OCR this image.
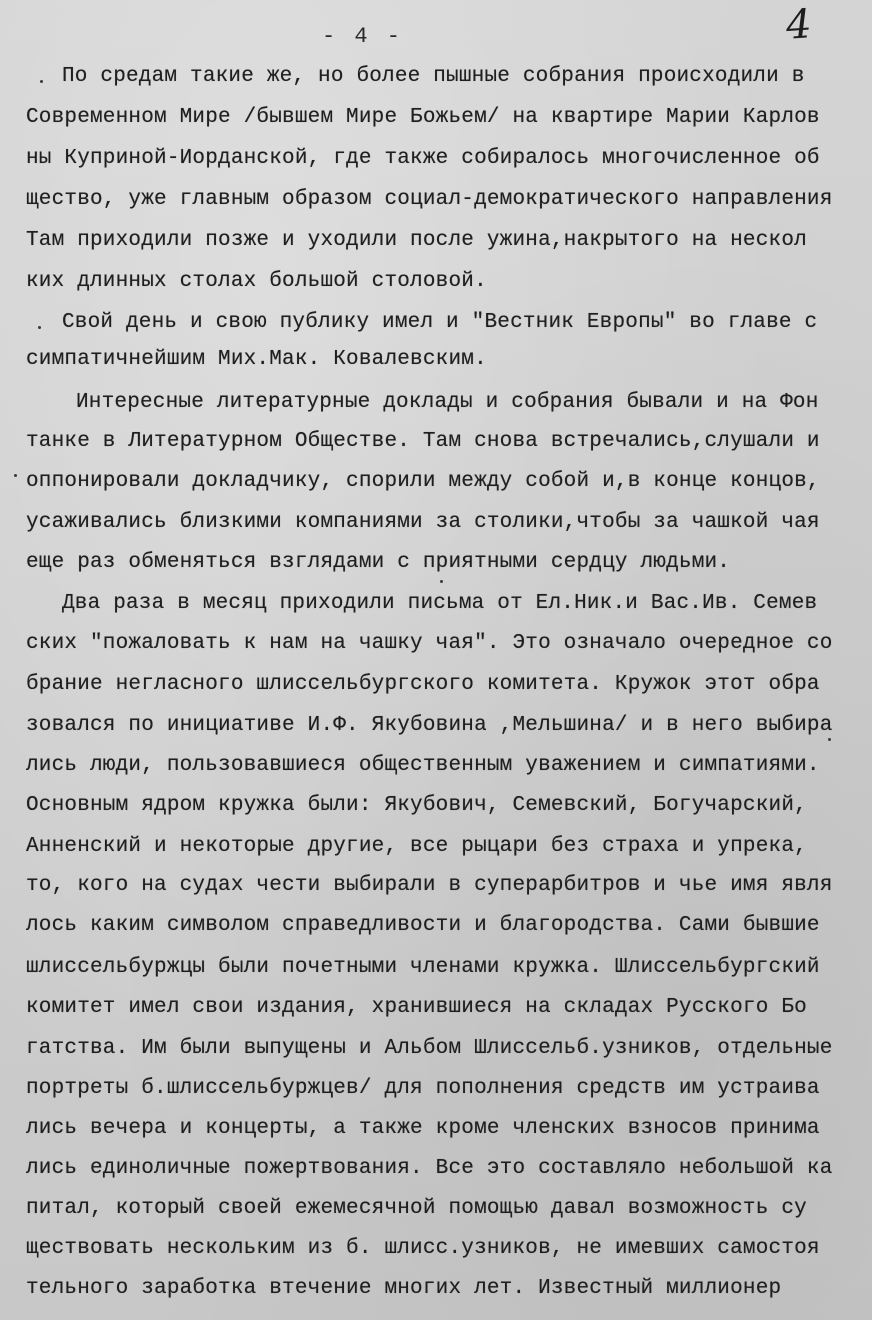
- 4 -	4
По средам такие же, но более пышные собрания происходили в
Современном Мире /бывшем Мире Божьем/ на квартире Марии Карлов
ны Куприной-Иорданской, где также собиралось многочисленное об
щество, уже главным образом социал-демократического направления
Там приходили позже и уходили после ужина,накрытого на нескол
ких длинных столах большой столовой.
Свой день и свою публику имел и "Вестник Европы" во главе с
симпатичнейшим Мих.Мак. Ковалевским.
Интересные литературные доклады и собрания бывали и на Фон
танке в Литературном Обществе. Там снова встречались,слушали и
оппонировали докладчику, спорили между собой и,в конце концов,
усаживались близкими компаниями за столики,чтобы за чашкой чая
еще раз обменяться взглядами с приятными сердцу людьми.
Два раза в месяц приходили письма от Ел.Ник.и Вас.Ив. Семев
ских "пожаловать к нам на чашку чая". Это означало очередное со
брание негласного шлиссельбургского комитета. Кружок этот обра
зовался по инициативе И.Ф. Якубовина ,Мельшина/ и в него выбира
лись люди, пользовавшиеся общественным уважением и симпатиями.
Основным ядром кружка были: Якубович, Семевский, Богучарский,
Анненский и некоторые другие, все рыцари без страха и упрека,
то, кого на судах чести выбирали в суперарбитров и чье имя явля
лось каким символом справедливости и благородства. Сами бывшие
шлиссельбуржцы были почетными членами кружка. Шлиссельбургский
комитет имел свои издания, хранившиеся на складах Русского Бо
гатства. Им были выпущены и Альбом Шлиссельб.узников, отдельные
портреты б.шлиссельбуржцев/ для пополнения средств им устраива
лись вечера и концерты, а также кроме членских взносов принима
лись единоличные пожертвования. Все это составляло небольшой ка
питал, который своей ежемесячной помощью давал возможность су
ществовать нескольким из б. шлисс.узников, не имевших самостоя
тельного заработка втечение многих лет. Известный миллионер
